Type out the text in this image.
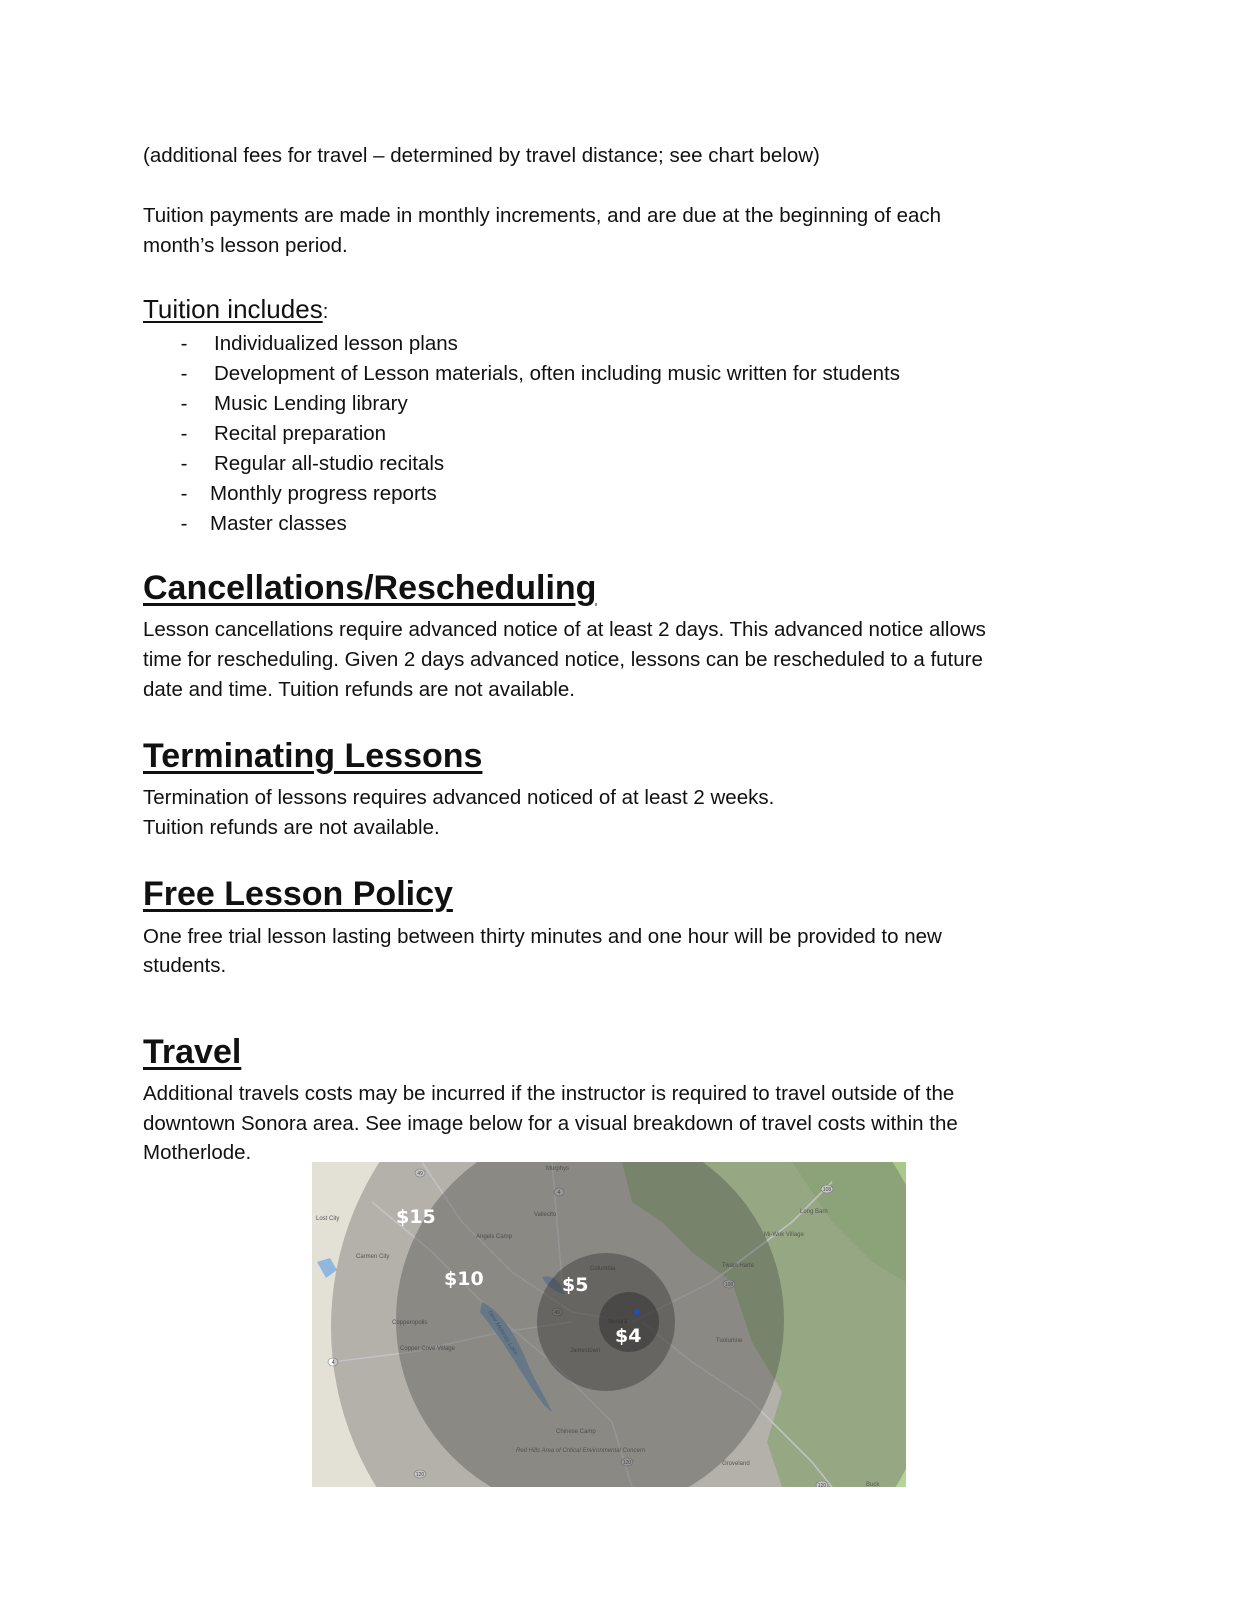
(additional fees for travel – determined by travel distance; see chart below)
Tuition payments are made in monthly increments, and are due at the beginning of each
month’s lesson period.
Tuition includes:
- Individualized lesson plans
- Development of Lesson materials, often including music written for students
- Music Lending library
- Recital preparation
- Regular all-studio recitals
- Monthly progress reports
- Master classes
Cancellations/Rescheduling
Lesson cancellations require advanced notice of at least 2 days. This advanced notice allows
time for rescheduling. Given 2 days advanced notice, lessons can be rescheduled to a future
date and time. Tuition refunds are not available.
Terminating Lessons
Termination of lessons requires advanced noticed of at least 2 weeks.
Tuition refunds are not available.
Free Lesson Policy
One free trial lesson lasting between thirty minutes and one hour will be provided to new
students.
Travel
Additional travels costs may be incurred if the instructor is required to travel outside of the
downtown Sonora area. See image below for a visual breakdown of travel costs within the
Motherlode.
Murphys
Lost City
Vallecito
Angels Camp
Carmen City
Columbia
Copperopolis
Copper Cove Village
Sonora
Jamestown
Chinese Camp
Red Hills Area of Critical Environmental Concern
Long Barn
Mi-Wuk Village
Twain Harte
Tuolumne
Groveland
Buck
New Melones Lake
49
4	108
108
49
4
120
120
120
$15
$10	$5
$4
